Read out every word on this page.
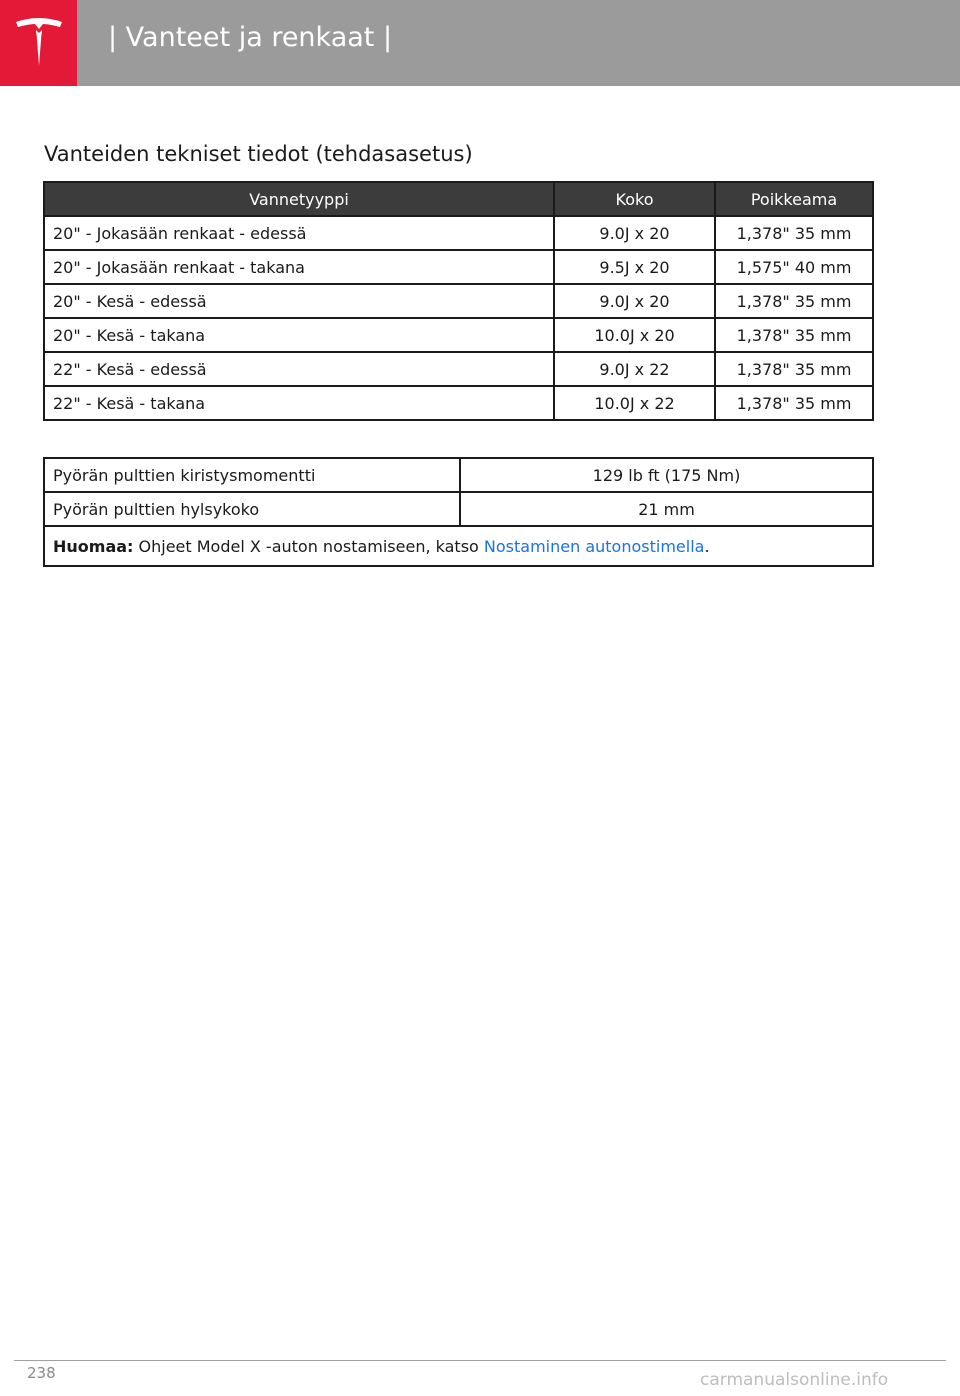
| Vanteet ja renkaat |
Vanteiden tekniset tiedot (tehdasasetus)
Vannetyyppi	Koko	Poikkeama
20" - Jokasään renkaat - edessä	9.0J x 20	1,378" 35 mm
20" - Jokasään renkaat - takana	9.5J x 20	1,575" 40 mm
20" - Kesä - edessä	9.0J x 20	1,378" 35 mm
20" - Kesä - takana	10.0J x 20	1,378" 35 mm
22" - Kesä - edessä	9.0J x 22	1,378" 35 mm
22" - Kesä - takana	10.0J x 22	1,378" 35 mm
Pyörän pulttien kiristysmomentti	129 lb ft (175 Nm)
Pyörän pulttien hylsykoko	21 mm
Huomaa: Ohjeet Model X -auton nostamiseen, katso Nostaminen autonostimella.	
238	carmanualsonline.info
